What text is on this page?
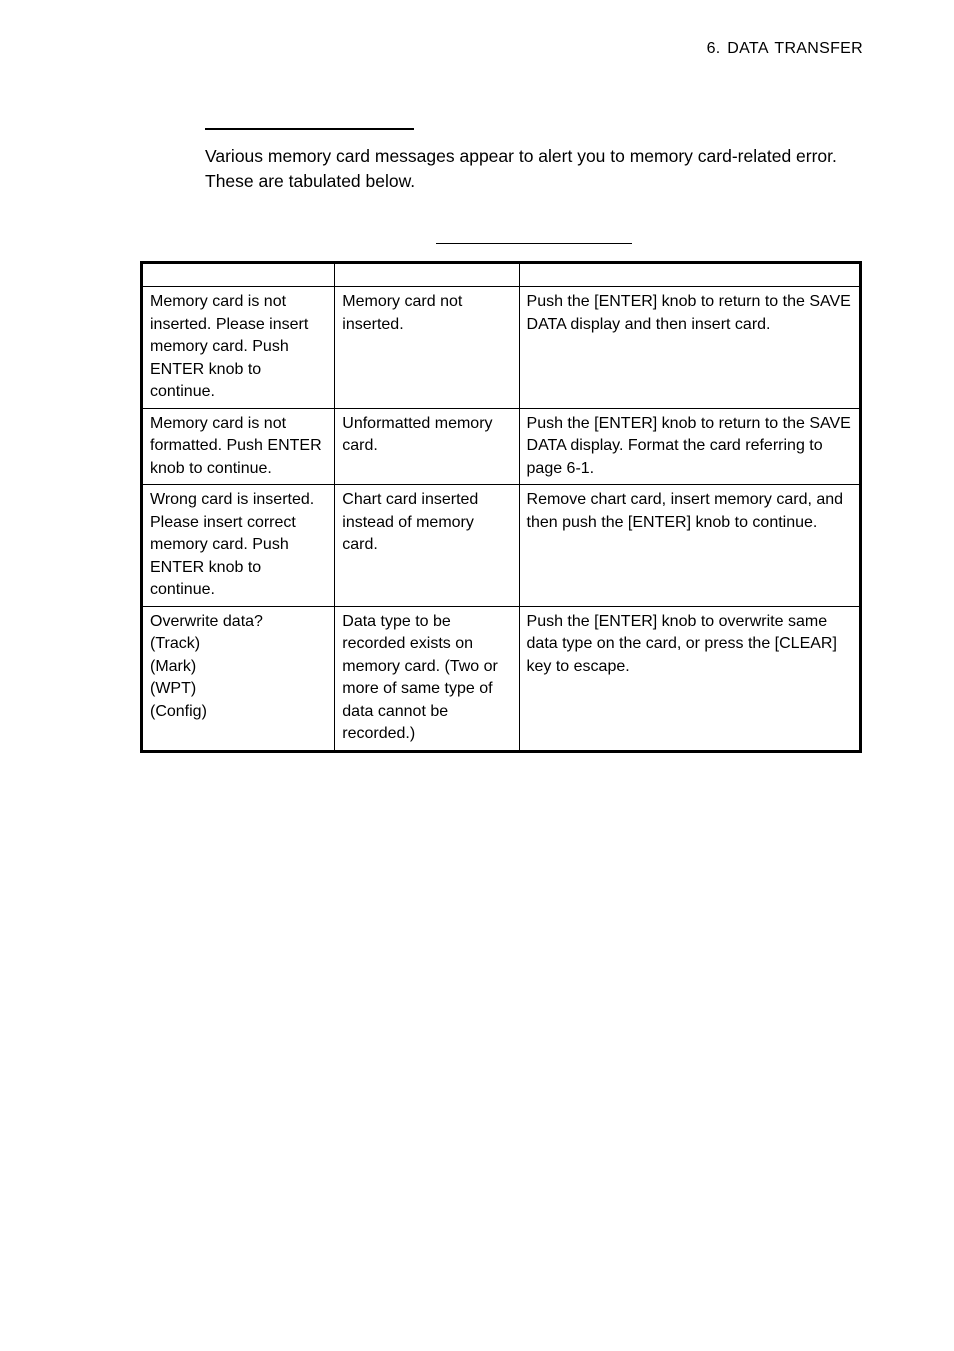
6. DATA TRANSFER
Various memory card messages appear to alert you to memory card-related error. These are tabulated below.

Memory card is not inserted. Please insert memory card. Push ENTER knob to continue.	Memory card not inserted.	Push the [ENTER] knob to return to the SAVE DATA display and then insert card.
Memory card is not formatted. Push ENTER knob to continue.	Unformatted memory card.	Push the [ENTER] knob to return to the SAVE DATA display. Format the card referring to page 6-1.
Wrong card is inserted. Please insert correct memory card. Push ENTER knob to continue.	Chart card inserted instead of memory card.	Remove chart card, insert memory card, and then push the [ENTER] knob to continue.
Overwrite data?
(Track)
(Mark)
(WPT)
(Config)	Data type to be recorded exists on memory card. (Two or more of same type of data cannot be recorded.)	Push the [ENTER] knob to overwrite same data type on the card, or press the [CLEAR] key to escape.
